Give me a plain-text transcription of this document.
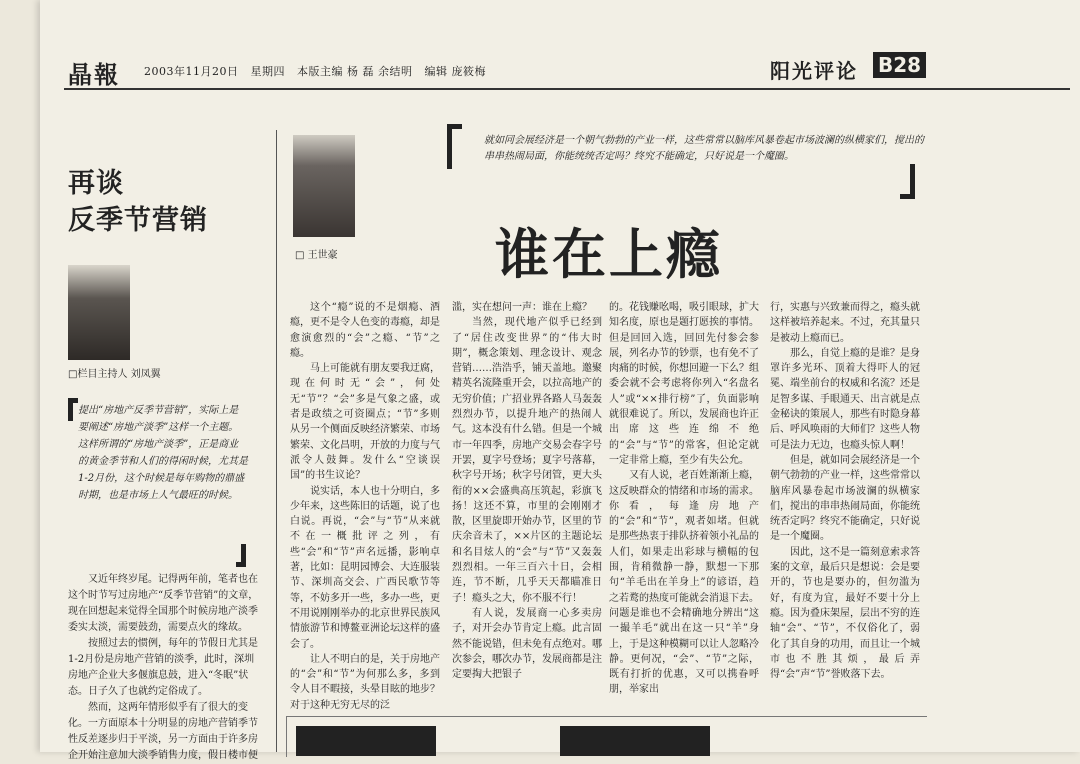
晶報 2003年11月20日 星期四 本版主编 杨 磊 余结明 编辑 庞筱梅	阳光评论 B28
再谈
反季节营销
□栏目主持人 刘凤翼

提出“房地产反季节营销”，实际上是要阐述“房地产淡季”这样一个主题。这样所谓的“房地产淡季”，正是商业的黄金季节和人们的得闲时候，尤其是1-2月份，这个时候是每年购物的鼎盛时期，也是市场上人气最旺的时候。

又近年终岁尾。记得两年前，笔者也在这个时节写过房地产“反季节营销”的文章，现在回想起来觉得全国那个时候房地产淡季委实太淡，需要鼓劲，需要点火的缘故。

按照过去的惯例，每年的节假日尤其是1-2月份是房地产营销的淡季，此时，深圳房地产企业大多偃旗息鼓，进入“冬眠”状态。日子久了也就约定俗成了。

然而，这两年情形似乎有了很大的变化。一方面原本十分明显的房地产营销季节性反差逐步归于平淡，另一方面由于许多房企开始注意加大淡季销售力度，假日楼市便

□ 王世豪
就如同会展经济是一个朝气勃勃的产业一样，这些常常以脑库风暴卷起市场波澜的纵横家们，搅出的串串热闹局面，你能统统否定吗？终究不能确定，只好说是一个魔圈。
谁在上瘾

这个“瘾”说的不是烟瘾、酒瘾，更不是令人色变的毒瘾，却是愈演愈烈的“会”之瘾、“节”之瘾。

马上可能就有朋友要我迂腐，现在何时无“会”，何处无“节”？“会”多是气象之盛，或者是政绩之可资圈点；“节”多则从另一个侧面反映经济繁荣、市场繁荣、文化昌明，开放的力度与气派令人鼓舞。发什么“空谈误国”的书生议论？

说实话，本人也十分明白，多少年来，这些陈旧的话题，说了也白说。再说，“会”与“节”从来就不在一概批评之列，有些“会”和“节”声名远播，影响卓著，比如：昆明园博会、大连服装节、深圳高交会、广西民歌节等等，不妨多开一些，多办一些，更不用说刚刚举办的北京世界民族风情旅游节和博鳌亚洲论坛这样的盛会了。

让人不明白的是，关于房地产的“会”和“节”为何那么多，多到令人目不暇接，头晕目眩的地步？对于这种无穷无尽的泛

滥，实在想问一声：谁在上瘾？

当然，现代地产似乎已经到了“居住改变世界”的“伟大时期”，概念策划、理念设计、观念营销……浩浩乎，铺天盖地。邀聚精英名流隆重开会，以拉高地产的无穷价值；广招业界各路人马轰轰烈烈办节，以提升地产的热闹人气。这本没有什么错。但是一个城市一年四季，房地产交易会春字号开罢，夏字号登场；夏字号落幕，秋字号开场；秋字号闭管，更大头衔的××会盛典高压筑起，彩旗飞扬！这还不算，市里的会刚刚才散，区里旋即开始办节，区里的节庆余音未了，××片区的主题论坛和名目炫人的“会”与“节”又轰轰烈烈相。一年三百六十日，会相连，节不断，几乎天天都瞄准日子！瘾头之大，你不服不行！

有人说，发展商一心多卖房子，对开会办节肯定上瘾。此言固然不能说错，但未免有点绝对。哪次参会，哪次办节，发展商都是注定要掏大把银子

的。花钱赚吆喝，吸引眼球，扩大知名度，原也是题打愿挨的事情。但是回回入选，回回先付参会参展，列名办节的钞票，也有免不了肉痛的时候，你想回避一下么？组委会就不会考虑将你列入“名盘名人”或“××排行榜”了，负面影响就很难说了。所以，发展商也许正出席这些连绵不绝的“会”与“节”的常客，但论定就一定非常上瘾，至少有失公允。

又有人说，老百姓渐渐上瘾，这反映群众的情绪和市场的需求。你看，每逢房地产的“会”和“节”，观者如堵。但就是那些热衷于排队挤着领小礼品的人们，如果走出彩球与横幅的包围，肯稍微静一静，默想一下那句“羊毛出在羊身上”的谚语，趋之若鹜的热度可能就会消退下去。问题是谁也不会精确地分辨出“这一撮羊毛”就出在这一只“羊”身上，于是这种模糊可以让人忽略冷静。更何况，“会”、“节”之际，既有打折的优惠，又可以携眷呼朋，举家出

行，实惠与兴致兼而得之，瘾头就这样被培养起来。不过，充其量只是被动上瘾而已。

那么，自觉上瘾的是谁？是身罩许多光环、顶着大得吓人的冠冕、端坐前台的权威和名流？还是足智多谋、手眼通天、出言就是点金秘诀的策展人，那些有时隐身幕后、呼风唤雨的大师们？这些人物可是法力无边，也瘾头惊人啊！

但是，就如同会展经济是一个朝气勃勃的产业一样，这些常常以脑库风暴卷起市场波澜的纵横家们，搅出的串串热闹局面，你能统统否定吗？终究不能确定，只好说是一个魔圈。

因此，这不是一篇刻意索求答案的文章，最后只是想说：会是要开的，节也是要办的，但勿滥为好，有度为宜，最好不要十分上瘾。因为叠床架屋，层出不穷的连轴“会”、“节”，不仅俗化了，弱化了其自身的功用，而且让一个城市也不胜其烦，最后弄得“会”声“节”誉败落下去。
